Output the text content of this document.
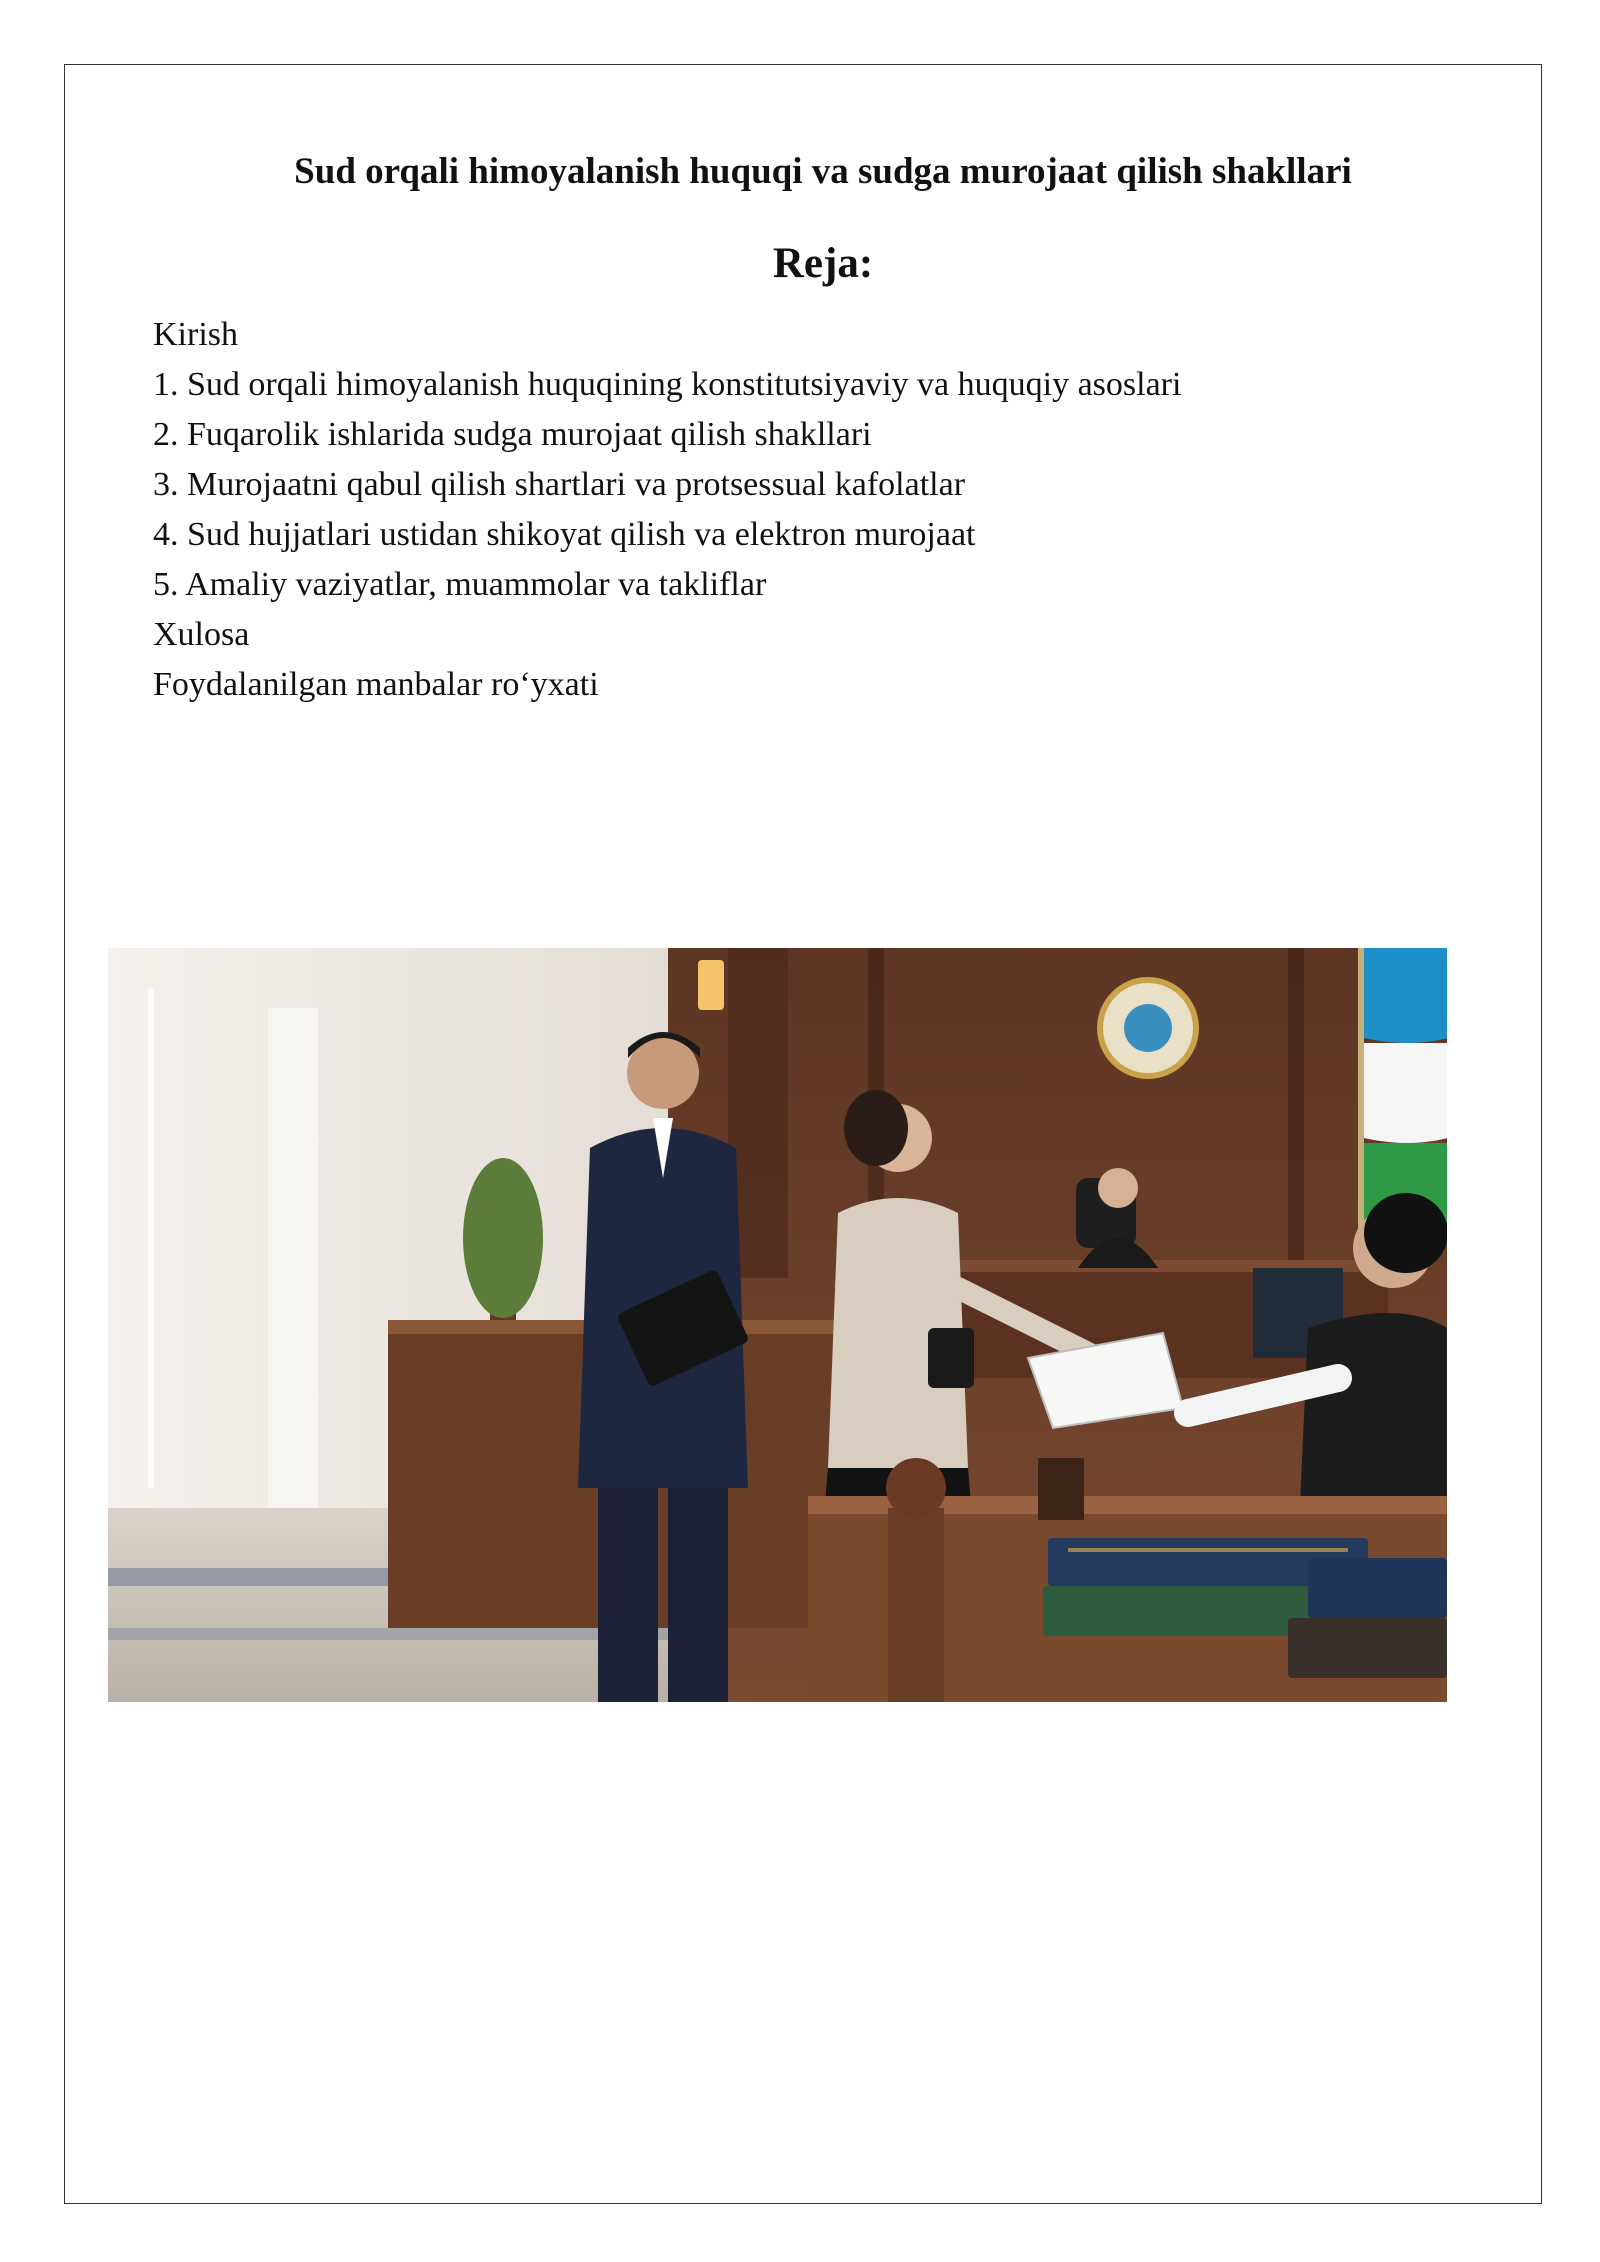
Sud orqali himoyalanish huquqi va sudga murojaat qilish shakllari
Reja:
Kirish
1. Sud orqali himoyalanish huquqining konstitutsiyaviy va huquqiy asoslari
2. Fuqarolik ishlarida sudga murojaat qilish shakllari
3. Murojaatni qabul qilish shartlari va protsessual kafolatlar
4. Sud hujjatlari ustidan shikoyat qilish va elektron murojaat
5. Amaliy vaziyatlar, muammolar va takliflar
Xulosa
Foydalanilgan manbalar ro‘yxati
